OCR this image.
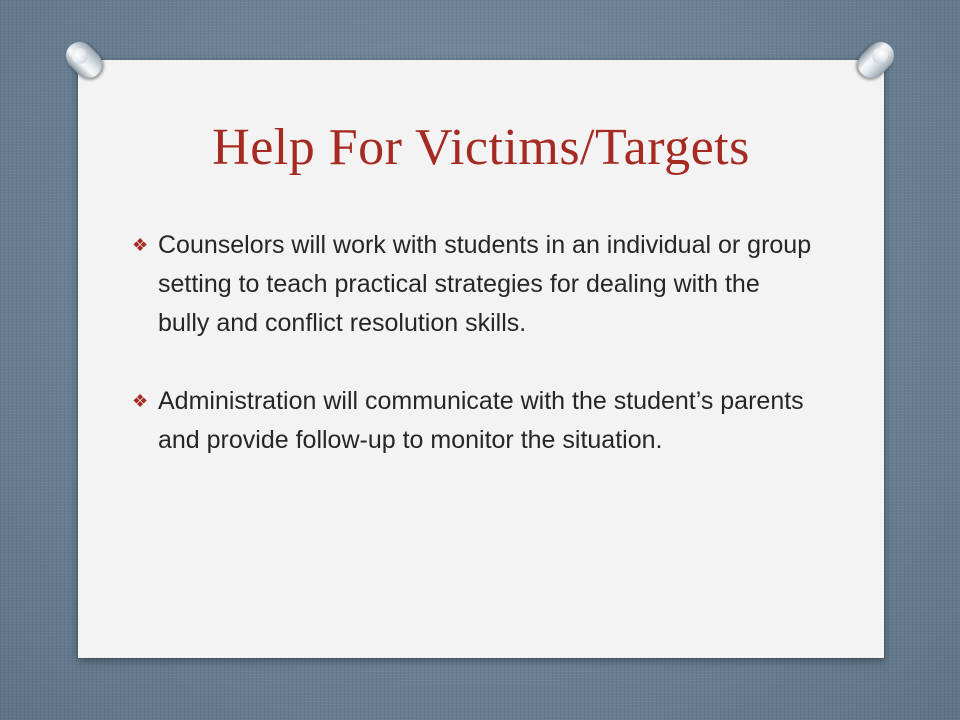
Help For Victims/Targets
❖ Counselors will work with students in an individual or group setting to teach practical strategies for dealing with the bully and conflict resolution skills.
❖ Administration will communicate with the student’s parents and provide follow-up to monitor the situation.
